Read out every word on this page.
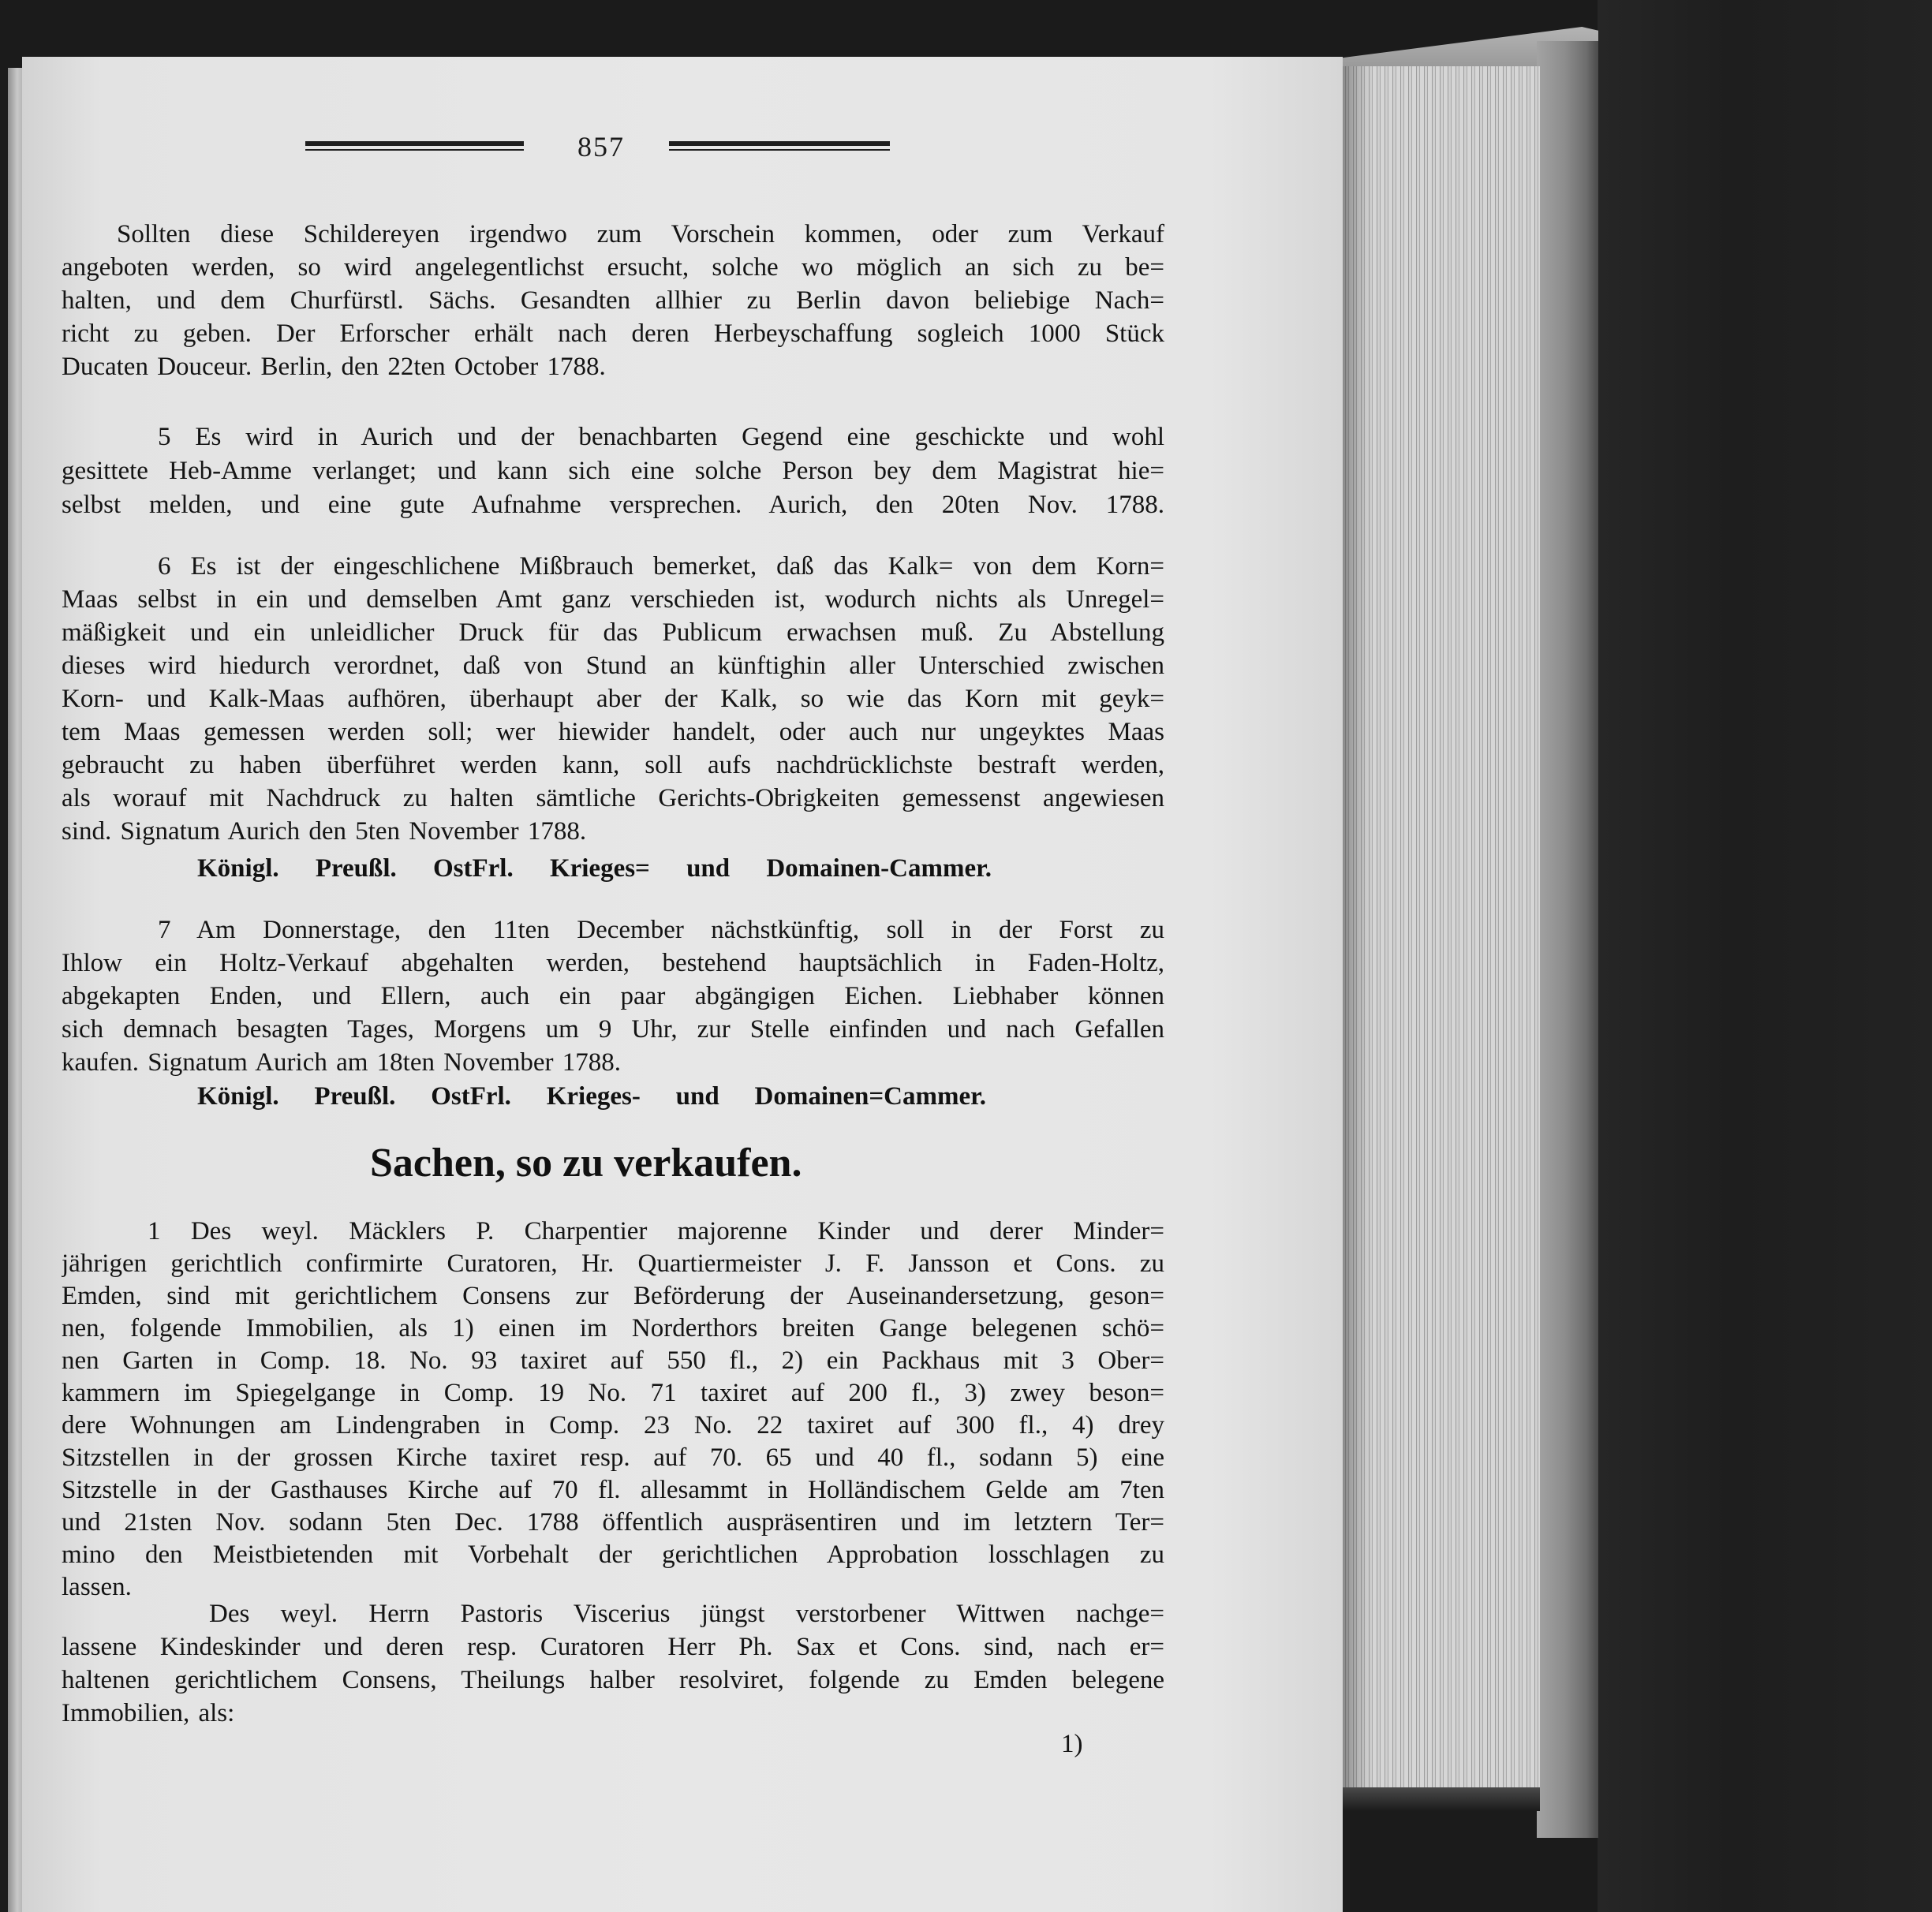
857
Sollten diese Schildereyen irgendwo zum Vorschein kommen, oder zum Verkauf
angeboten werden, so wird angelegentlichst ersucht, solche wo möglich an sich zu be=
halten, und dem Churfürstl. Sächs. Gesandten allhier zu Berlin davon beliebige Nach=
richt zu geben. Der Erforscher erhält nach deren Herbeyschaffung sogleich 1000 Stück
Ducaten Douceur. Berlin, den 22ten October 1788.
5 Es wird in Aurich und der benachbarten Gegend eine geschickte und wohl
gesittete Heb-Amme verlanget; und kann sich eine solche Person bey dem Magistrat hie=
selbst melden, und eine gute Aufnahme versprechen. Aurich, den 20ten Nov. 1788.
6 Es ist der eingeschlichene Mißbrauch bemerket, daß das Kalk= von dem Korn=
Maas selbst in ein und demselben Amt ganz verschieden ist, wodurch nichts als Unregel=
mäßigkeit und ein unleidlicher Druck für das Publicum erwachsen muß. Zu Abstellung
dieses wird hiedurch verordnet, daß von Stund an künftighin aller Unterschied zwischen
Korn- und Kalk-Maas aufhören, überhaupt aber der Kalk, so wie das Korn mit geyk=
tem Maas gemessen werden soll; wer hiewider handelt, oder auch nur ungeyktes Maas
gebraucht zu haben überführet werden kann, soll aufs nachdrücklichste bestraft werden,
als worauf mit Nachdruck zu halten sämtliche Gerichts-Obrigkeiten gemessenst angewiesen
sind. Signatum Aurich den 5ten November 1788.
Königl. Preußl. OstFrl. Krieges= und Domainen-Cammer.
7 Am Donnerstage, den 11ten December nächstkünftig, soll in der Forst zu
Ihlow ein Holtz-Verkauf abgehalten werden, bestehend hauptsächlich in Faden-Holtz,
abgekapten Enden, und Ellern, auch ein paar abgängigen Eichen. Liebhaber können
sich demnach besagten Tages, Morgens um 9 Uhr, zur Stelle einfinden und nach Gefallen
kaufen. Signatum Aurich am 18ten November 1788.
Königl. Preußl. OstFrl. Krieges- und Domainen=Cammer.
Sachen, so zu verkaufen.
1 Des weyl. Mäcklers P. Charpentier majorenne Kinder und derer Minder=
jährigen gerichtlich confirmirte Curatoren, Hr. Quartiermeister J. F. Jansson et Cons. zu
Emden, sind mit gerichtlichem Consens zur Beförderung der Auseinandersetzung, geson=
nen, folgende Immobilien, als 1) einen im Norderthors breiten Gange belegenen schö=
nen Garten in Comp. 18. No. 93 taxiret auf 550 fl., 2) ein Packhaus mit 3 Ober=
kammern im Spiegelgange in Comp. 19 No. 71 taxiret auf 200 fl., 3) zwey beson=
dere Wohnungen am Lindengraben in Comp. 23 No. 22 taxiret auf 300 fl., 4) drey
Sitzstellen in der grossen Kirche taxiret resp. auf 70. 65 und 40 fl., sodann 5) eine
Sitzstelle in der Gasthauses Kirche auf 70 fl. allesammt in Holländischem Gelde am 7ten
und 21sten Nov. sodann 5ten Dec. 1788 öffentlich auspräsentiren und im letztern Ter=
mino den Meistbietenden mit Vorbehalt der gerichtlichen Approbation losschlagen zu
lassen.
Des weyl. Herrn Pastoris Viscerius jüngst verstorbener Wittwen nachge=
lassene Kindeskinder und deren resp. Curatoren Herr Ph. Sax et Cons. sind, nach er=
haltenen gerichtlichem Consens, Theilungs halber resolviret, folgende zu Emden belegene
Immobilien, als:
1)
